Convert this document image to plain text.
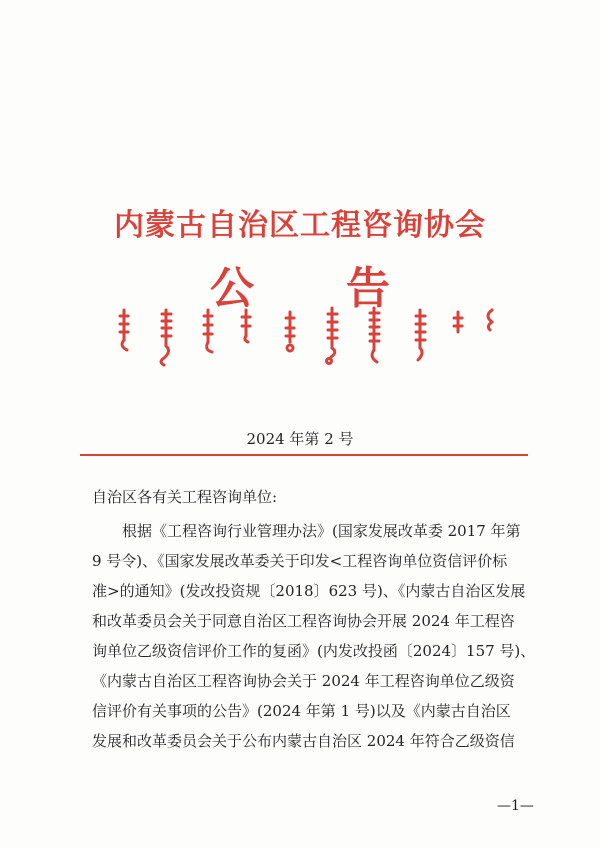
内蒙古自治区工程咨询协会
公 告
2024 年第 2 号
自治区各有关工程咨询单位:
根据《工程咨询行业管理办法》(国家发展改革委 2017 年第
9 号令)、《国家发展改革委关于印发<工程咨询单位资信评价标
准>的通知》(发改投资规〔2018〕623 号)、《内蒙古自治区发展
和改革委员会关于同意自治区工程咨询协会开展 2024 年工程咨
询单位乙级资信评价工作的复函》(内发改投函〔2024〕157 号)、
《内蒙古自治区工程咨询协会关于 2024 年工程咨询单位乙级资
信评价有关事项的公告》(2024 年第 1 号)以及《内蒙古自治区
发展和改革委员会关于公布内蒙古自治区 2024 年符合乙级资信
—1—
